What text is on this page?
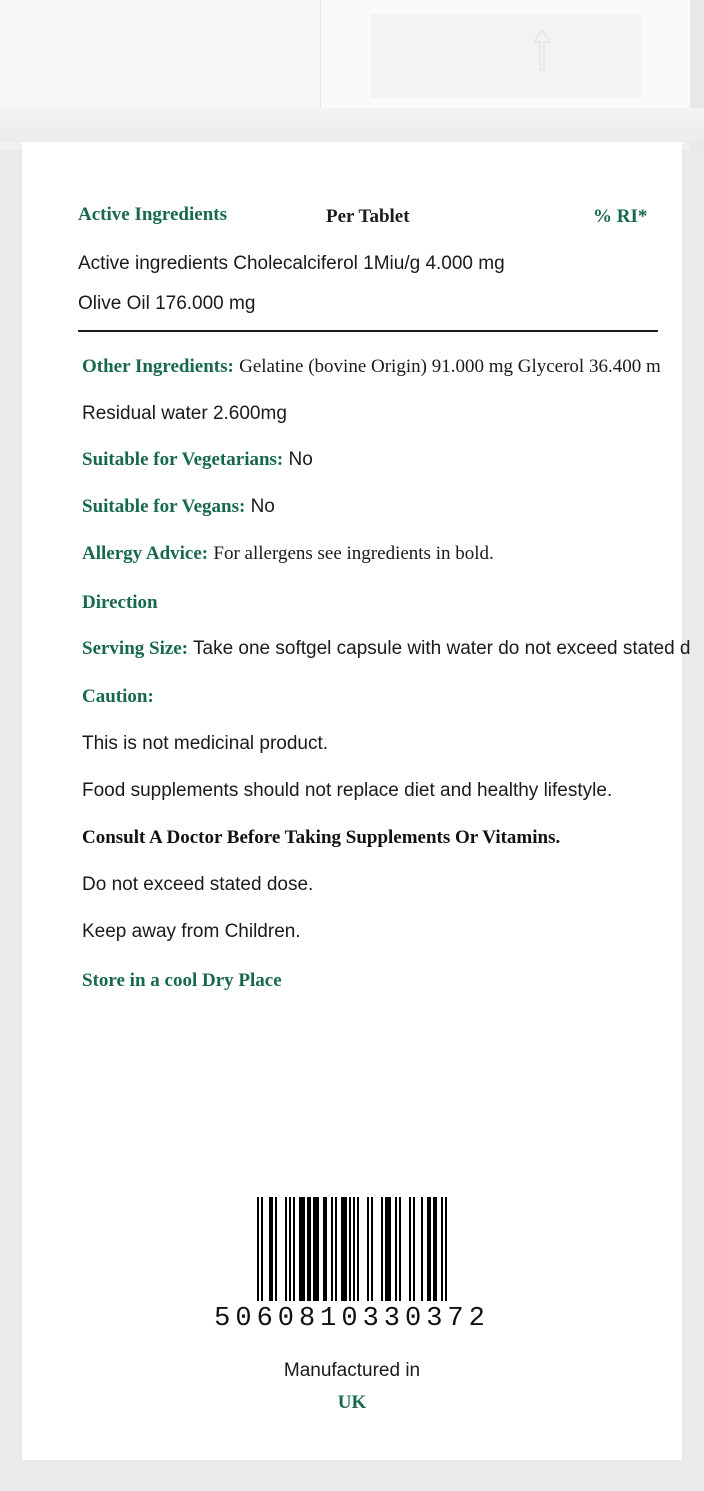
Active Ingredients	Per Tablet	% RI*
Active ingredients Cholecalciferol 1Miu/g 4.000 mg
Olive Oil 176.000 mg
Other Ingredients: Gelatine (bovine Origin) 91.000 mg Glycerol 36.400 m
Residual water 2.600mg
Suitable for Vegetarians: No
Suitable for Vegans: No
Allergy Advice: For allergens see ingredients in bold.
Direction
Serving Size: Take one softgel capsule with water do not exceed stated d
Caution:
This is not medicinal product.
Food supplements should not replace diet and healthy lifestyle.
Consult A Doctor Before Taking Supplements Or Vitamins.
Do not exceed stated dose.
Keep away from Children.
Store in a cool Dry Place
5060810330372
Manufactured in
UK
